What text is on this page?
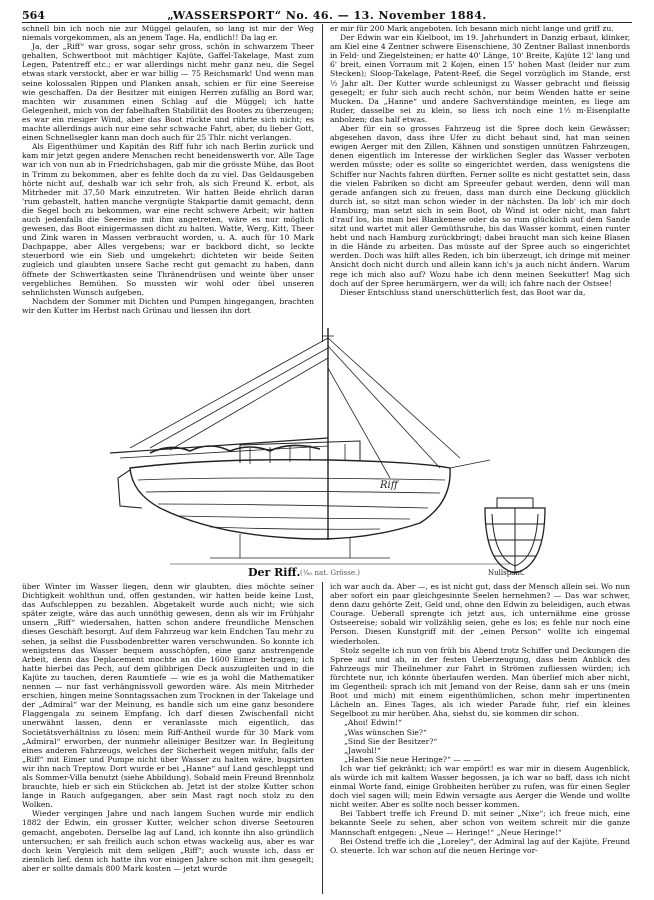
564	„WASSERSPORT“ No. 46. — 13. November 1884.

schnell bin ich noch nie zur Müggel gelaufen, so lang ist mir der Weg niemals vorgekommen, als an jenem Tage. Ha, endlich!! Da lag er.

Ja, der „Riff“ war gross, sogar sehr gross, schön in schwarzem Theer gehalten, Schwertboot mit mächtiger Kajüte, Gaffel-Takelage, Mast zum Legen, Patentreff etc.; er war allerdings nicht mehr ganz neu, die Segel etwas stark verstockt, aber er war billig — 75 Reichsmark! Und wenn man seine kolossalen Rippen und Planken ansah, schien er für eine Seereise wie geschaffen. Da der Besitzer mit einigen Herren zufällig an Bord war, machten wir zusammen einen Schlag auf die Müggel; ich hatte Gelegenheit, mich von der fabelhaften Stabilität des Bootes zu überzeugen; es war ein riesiger Wind, aber das Boot rückte und rührte sich nicht; es machte allerdings auch nur eine sehr schwache Fahrt, aber, du lieber Gott, einen Schnellsegler kann man doch auch für 25 Thlr. nicht verlangen.

Als Eigenthümer und Kapitän des Riff fuhr ich nach Berlin zurück und kam mir jetzt gegen andere Menschen recht beneidenswerth vor. Alle Tage war ich von nun ab in Friedrichshagen, gab mir die grösste Mühe, das Boot in Trimm zu bekommen, aber es fehlte doch da zu viel. Das Geldausgeben hörte nicht auf, deshalb war ich sehr froh, als sich Freund K. erbot, als Mitrheder mit 37,50 Mark einzutreten. Wir hatten Beide ehrlich daran 'rum gebastelt, hatten manche vergnügte Stakpartie damit gemacht, denn die Segel boch zu bekommen, war eine recht schwere Arbeit; wir hatten auch jedenfalls die Seereise mit ihm angetreten, wäre es nur möglich gewesen, das Boot einigermassen dicht zu halten. Watte, Werg, Kitt, Theer und Zink waren in Massen verbraucht worden, u. A. auch für 10 Mark Dachpappe, aber Alles vergebens; war er backbord dicht, so leckte steuerbord wie ein Sieb und umgekehrt; dichteten wir beide Seiten zugleich und glaubten unsere Sache recht gut gemacht zu haben, dann öffnete der Schwertkasten seine Thränendrüsen und weinte über unser vergebliches Bemühen. So mussten wir wohl oder übel unseren sehnlichsten Wunsch aufgeben.

Nachdem der Sommer mit Dichten und Pumpen hingegangen, brachten wir den Kutter im Herbst nach Grünau und liessen ihn dort

er mir für 200 Mark angeboten. Ich besann mich nicht lange und griff zu.

Der Edwin war ein Kielboot, im 19. Jahrhundert in Danzig erbaut, klinker, am Kiel eine 4 Zentner schwere Eisenschiene, 30 Zentner Ballast innenbords in Feld- und Ziegelsteinen; er hatte 40' Länge, 10' Breite, Kajüte 12' lang und 6' breit, einen Vorraum mit 2 Kojen, einen 15' hohen Mast (leider nur zum Stecken); Sloop-Takelage, Patent-Reef, die Segel vorzüglich im Stande, erst ½ Jahr alt. Der Kutter wurde schleunigst zu Wasser gebracht und fleissig gesegelt; er fuhr sich auch recht schön, nur beim Wenden hatte er seine Mucken. Da „Hanne“ und andere Sachverständige meinten, es liege am Ruder, dasselbe sei zu klein, so liess ich noch eine 1½ m-Eisenplatte anbolzen; das half etwas.

Aber für ein so grosses Fahrzeug ist die Spree doch kein Gewässer; abgesehen davon, dass ihre Ufer zu dicht bebaut sind, hat man seinen ewigen Aerger mit den Zillen, Kähnen und sonstigen unnützen Fahrzeugen, denen eigentlich im Interesse der wirklichen Segler das Wasser verboten werden müsste; oder es sollte so eingerichtet werden, dass wenigstens die Schiffer nur Nachts fahren dürften. Ferner sollte es nicht gestattet sein, dass die vielen Fabriken so dicht am Spreeufer gebaut werden, denn will man gerade anfangen sich zu freuen, dass man durch eine Deckung glücklich durch ist, so sitzt man schon wieder in der nächsten. Da lob' ich mir doch Hamburg; man setzt sich in sein Boot, ob Wind ist oder nicht, man fahrt d'rauf los, bis man bei Blankenese oder da so rum glücklich auf dem Sande sitzt und wartet mit aller Gemüthsruhe, bis das Wasser kommt, einen runter hebt und nach Hamburg zurückbringt; dabei braucht man sich keine Blasen in die Hände zu arbeiten. Das müsste auf der Spree auch so eingerichtet werden. Doch was hilft alles Reden, ich bin überzeugt, ich dringe mit meiner Ansicht doch nicht durch und allein kann ich's ja auch nicht ändern. Warum rege ich mich also auf? Wozu habe ich denn meinen Seekutter! Mag sich doch auf der Spree herumärgern, wer da will; ich fahre nach der Ostsee!

Dieser Entschluss stand unerschütterlich fest, das Boot war da,

Riff
Der Riff. (¹⁄₈₀ nat. Grösse.)	Nullspant.

über Winter im Wasser liegen, denn wir glaubten, dies möchte seiner Dichtigkeit wohlthun und, offen gestanden, wir hatten beide keine Lust, das Aufschleppen zu bezahlen. Abgetakelt wurde auch nicht; wie sich später zeigte, wäre das auch unnöthig gewesen, denn als wir im Frühjahr unsern „Riff“ wiedersahen, hatten schon andere freundliche Menschen dieses Geschäft besorgt. Auf dem Fahrzeug war kein Endchen Tau mehr zu sehen, ja selbst die Fussbodenbretter waren verschwunden. So konnte ich wenigstens das Wasser bequem ausschöpfen, eine ganz anstrengende Arbeit, denn das Deplacement mochte an die 1600 Eimer betragen; ich hatte hierbei das Pech, auf dem glibbrigen Deck auszugleiten und in die Kajüte zu tauchen, deren Raumtiefe — wie es ja wohl die Mathematiker nennen — nur fast verhängnissvoll geworden wäre. Als mein Mitrheder erschien, hingen meine Sonntagssachen zum Trocknen in der Takelage und der „Admiral“ war der Meinung, es handle sich um eine ganz besondere Flaggengala zu seinem Empfang. Ich darf diesen Zwischenfall nicht unerwähnt lassen, denn er veranlasste mich eigentlich, das Societätsverhältniss zu lösen: mein Riff-Antheil wurde für 30 Mark vom „Admiral“ erworben, der nunmehr alleiniger Besitzer war. In Begleitung eines anderen Fahrzeugs, welches der Sicherheit wegen mitfuhr, falls der „Riff“ mit Eimer und Pumpe nicht über Wasser zu halten wäre, bugsirten wir ihn nach Treptow. Dort wurde er bei „Hanne“ auf Land geschleppt und als Sommer-Villa benutzt (siehe Abbildung). Sobald mein Freund Brennholz brauchte, hieb er sich ein Stückchen ab. Jetzt ist der stolze Kutter schon lange in Rauch aufgegangen, aber sein Mast ragt noch stolz zu den Wolken.

Wieder vergingen Jahre und nach langem Suchen wurde mir endlich 1882 der Edwin, ein grosser Kutter, welcher schon diverse Seetouren gemacht, angeboten. Derselbe lag auf Land, ich konnte ihn also gründlich untersuchen; er sah freilich auch schon etwas wackelig aus, aber es war doch kein Vergleich mit dem seligen „Riff“; auch wusste ich, dass er ziemlich lief, denn ich hatte ihn vor einigen Jahre schon mit ihm gesegelt; aber er sollte damals 800 Mark kosten — jetzt wurde

ich war auch da. Aber —, es ist nicht gut, dass der Mensch allein sei. Wo nun aber sofort ein paar gleichgesinnte Seelen hernehmen? — Das war schwer, denn dazu gehörte Zeit, Geld und, ohne den Edwin zu beleidigen, auch etwas Courage. Ueberall sprengte ich jetzt aus, ich unternähme eine grosse Ostseereise; sobald wir vollzählig seien, gehe es los; es fehle nur noch eine Person. Diesen Kunstgriff mit der „einen Person“ wollte ich eingemal wiederholen.

Stolz segelte ich nun von früh bis Abend trotz Schiffer und Deckungen die Spree auf und ab, in der festen Ueberzeugung, dass beim Anblick des Fahrzeugs mir Theilnehmer zur Fahrt in Strömen zufliessen würden; ich fürchtete nur, ich könnte überlaufen werden. Man überlief mich aber nicht, im Gegentheil: sprach ich mit Jemand von der Reise, dann sah er uns (mein Boot und mich) mit einem eigenthümlichen, schon mehr impertinenten Lächeln an. Eines Tages, als ich wieder Parade fuhr, rief ein kleines Segelboot zu mir herüber. Aha, siehst du, sie kommen dir schon.

„Ahoi! Edwin!“

„Was wünschen Sie?“

„Sind Sie der Besitzer?“

„Jawohl!“

„Haben Sie neue Heringe?“ — — —

Ich war tief gekränkt; ich war empört! es war mir in diesem Augenblick, als würde ich mit kaltem Wasser begossen, ja ich war so baff, dass ich nicht einmal Worte fand, einige Grobheiten herüber zu rufen, was für einen Segler doch viel sagen will; mein Edwin versagte aus Aerger die Wende und wollte nicht weiter. Aber es sollte noch besser kommen.

Bei Tabbert treffe ich Freund D. mit seiner „Nixe“; ich freue mich, eine bekannte Seele zu sehen, aber schon von weitem schreit mir die ganze Mannschaft entgegen: „Neue — Heringe!“ „Neue Heringe!“

Bei Ostend treffe ich die „Loreley“, der Admiral lag auf der Kajüte, Freund O. steuerte. Ich war schon auf die neuen Heringe vor-
